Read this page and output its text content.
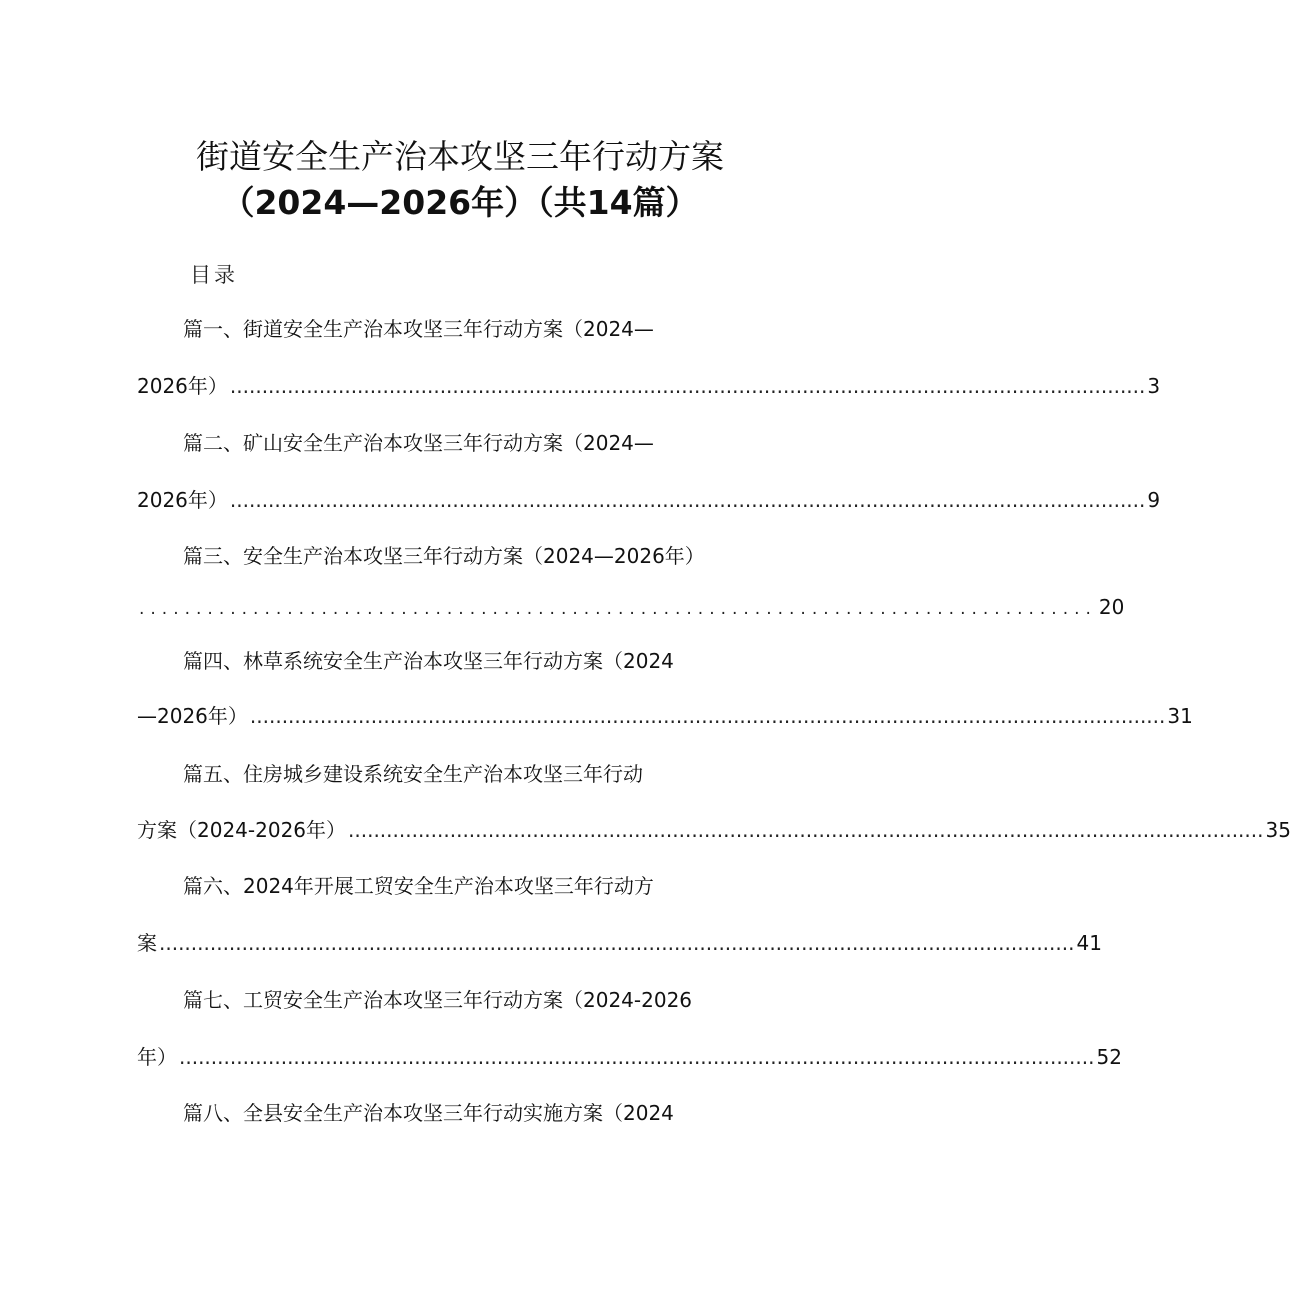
街道安全生产治本攻坚三年行动方案
（2024—2026年）（共14篇）
目录
篇一、街道安全生产治本攻坚三年行动方案（2024—
2026年） ................................................................................................................................................ 3
篇二、矿山安全生产治本攻坚三年行动方案（2024—
2026年） ................................................................................................................................................ 9
篇三、安全生产治本攻坚三年行动方案（2024—2026年）
.................................................................................... 20
篇四、林草系统安全生产治本攻坚三年行动方案（2024
—2026年） ................................................................................................................................................ 31
篇五、住房城乡建设系统安全生产治本攻坚三年行动
方案（2024-2026年） ................................................................................................................................................ 35
篇六、2024年开展工贸安全生产治本攻坚三年行动方
案 ................................................................................................................................................ 41
篇七、工贸安全生产治本攻坚三年行动方案（2024-2026
年） ................................................................................................................................................ 52
篇八、全县安全生产治本攻坚三年行动实施方案（2024
